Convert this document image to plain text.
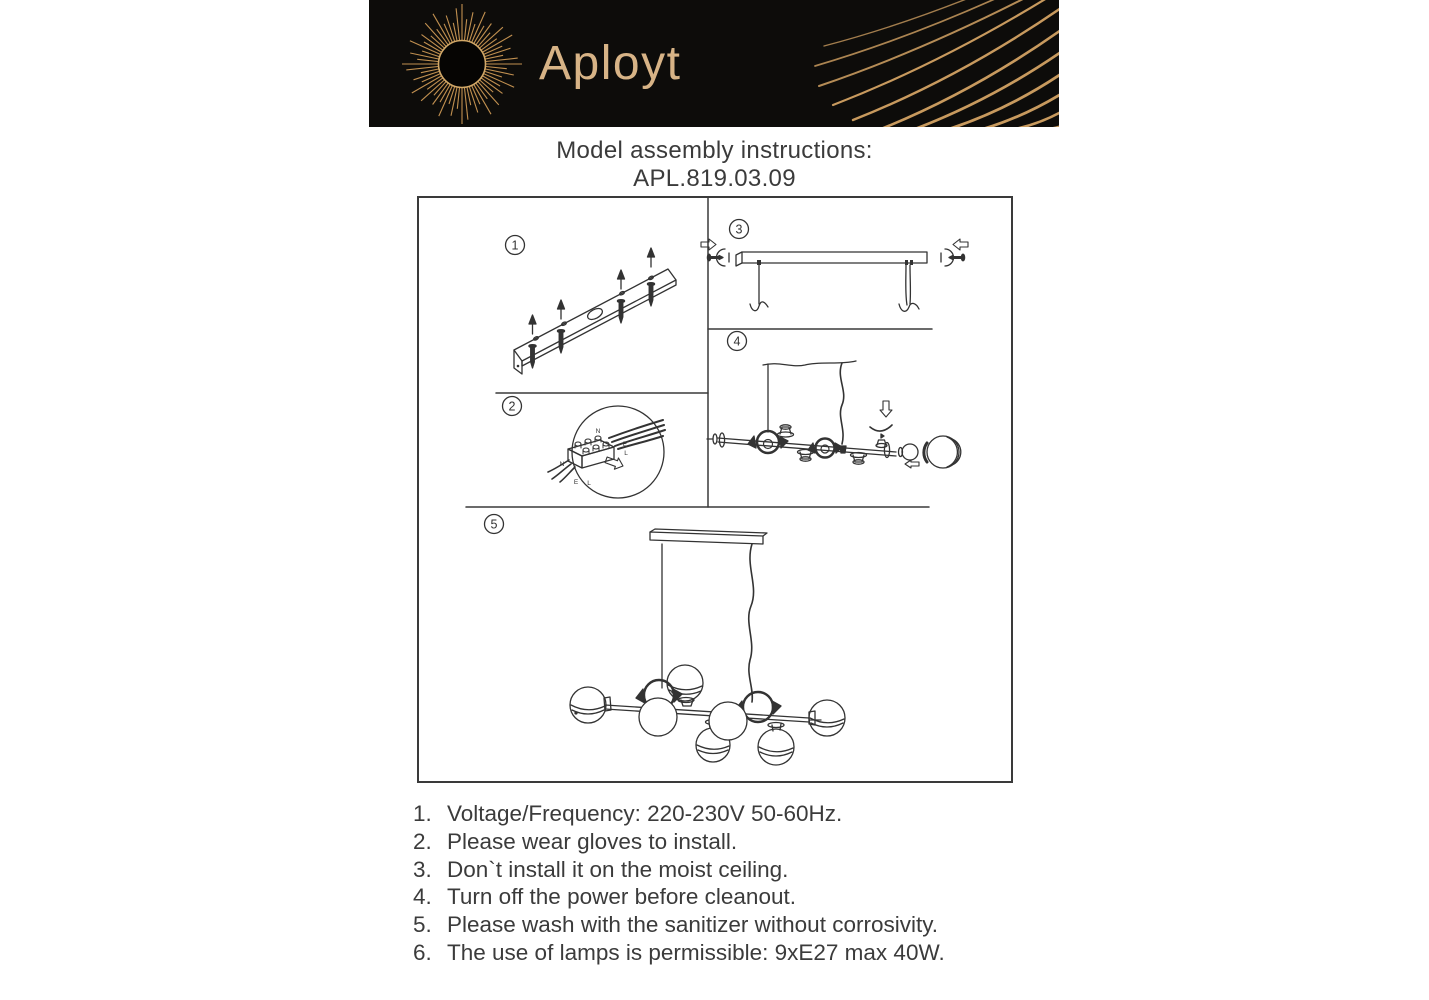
Aployt
Model assembly instructions:
APL.819.03.09
1
2
3
4
5
N
E
L
N
E L
1. Voltage/Frequency: 220-230V 50-60Hz.
2. Please wear gloves to install.
3. Don`t install it on the moist ceiling.
4. Turn off the power before cleanout.
5. Please wash with the sanitizer without corrosivity.
6. The use of lamps is permissible: 9xE27 max 40W.
